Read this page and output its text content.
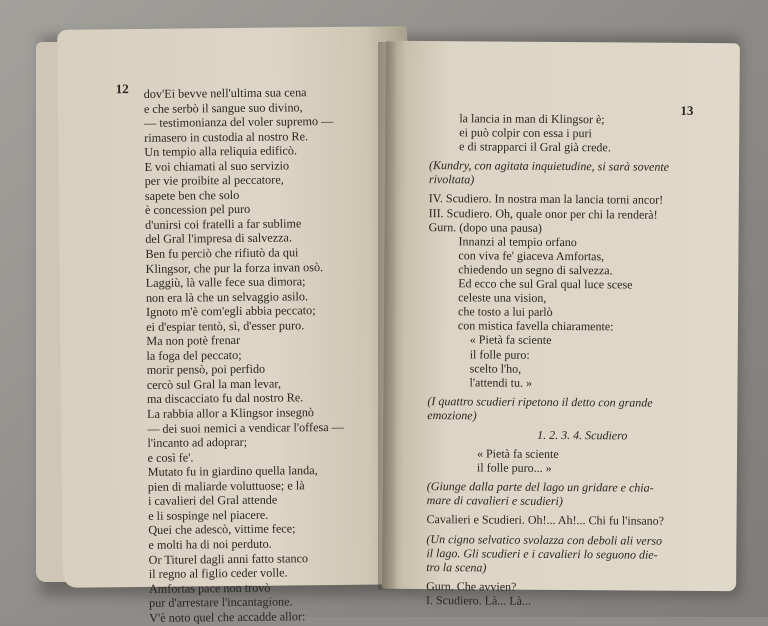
12 dov'Ei bevve nell'ultima sua cena
e che serbò il sangue suo divino,
— testimonianza del voler supremo —
rimasero in custodia al nostro Re.
Un tempio alla reliquia edificò.
E voi chiamati al suo servizio
per vie proibite al peccatore,
sapete ben che solo
è concession pel puro
d'unirsi coi fratelli a far sublime
del Gral l'impresa di salvezza.
Ben fu perciò che rifiutò da qui
Klingsor, che pur la forza invan osò.
Laggiù, là valle fece sua dimora;
non era là che un selvaggio asilo.
Ignoto m'è com'egli abbia peccato;
ei d'espiar tentò, sì, d'esser puro.
Ma non potè frenar
la foga del peccato;
morir pensò, poi perfido
cercò sul Gral la man levar,
ma discacciato fu dal nostro Re.
La rabbia allor a Klingsor insegnò
— dei suoi nemici a vendicar l'offesa —
l'incanto ad adoprar;
e così fe'.
Mutato fu in giardino quella landa,
pien di maliarde voluttuose; e là
i cavalieri del Gral attende
e li sospinge nel piacere.
Quei che adescò, vittime fece;
e molti ha di noi perduto.
Or Titurel dagli anni fatto stanco
il regno al figlio ceder volle.
Amfortas pace non trovò
pur d'arrestare l'incantagione.
V'è noto quel che accadde allor:
13
la lancia in man di Klingsor è;
ei può colpir con essa i puri
e di strapparci il Gral già crede.
(Kundry, con agitata inquietudine, si sarà sovente
rivoltata)
IV. Scudiero. In nostra man la lancia torni ancor!
III. Scudiero. Oh, quale onor per chi la renderà!
Gurn. (dopo una pausa)
Innanzi al tempio orfano
con viva fe' giaceva Amfortas,
chiedendo un segno di salvezza.
Ed ecco che sul Gral qual luce scese
celeste una vision,
che tosto a lui parlò
con mistica favella chiaramente:
« Pietà fa sciente
il folle puro:
scelto l'ho,
l'attendi tu. »
(I quattro scudieri ripetono il detto con grande
emozione)
1. 2. 3. 4. Scudiero
« Pietà fa sciente
il folle puro... »
(Giunge dalla parte del lago un gridare e chia-
mare di cavalieri e scudieri)
Cavalieri e Scudieri. Oh!... Ah!... Chi fu l'insano?
(Un cigno selvatico svolazza con deboli ali verso
il lago. Gli scudieri e i cavalieri lo seguono die-
tro la scena)
Gurn. Che avvien?
I. Scudiero. Là... Là...
